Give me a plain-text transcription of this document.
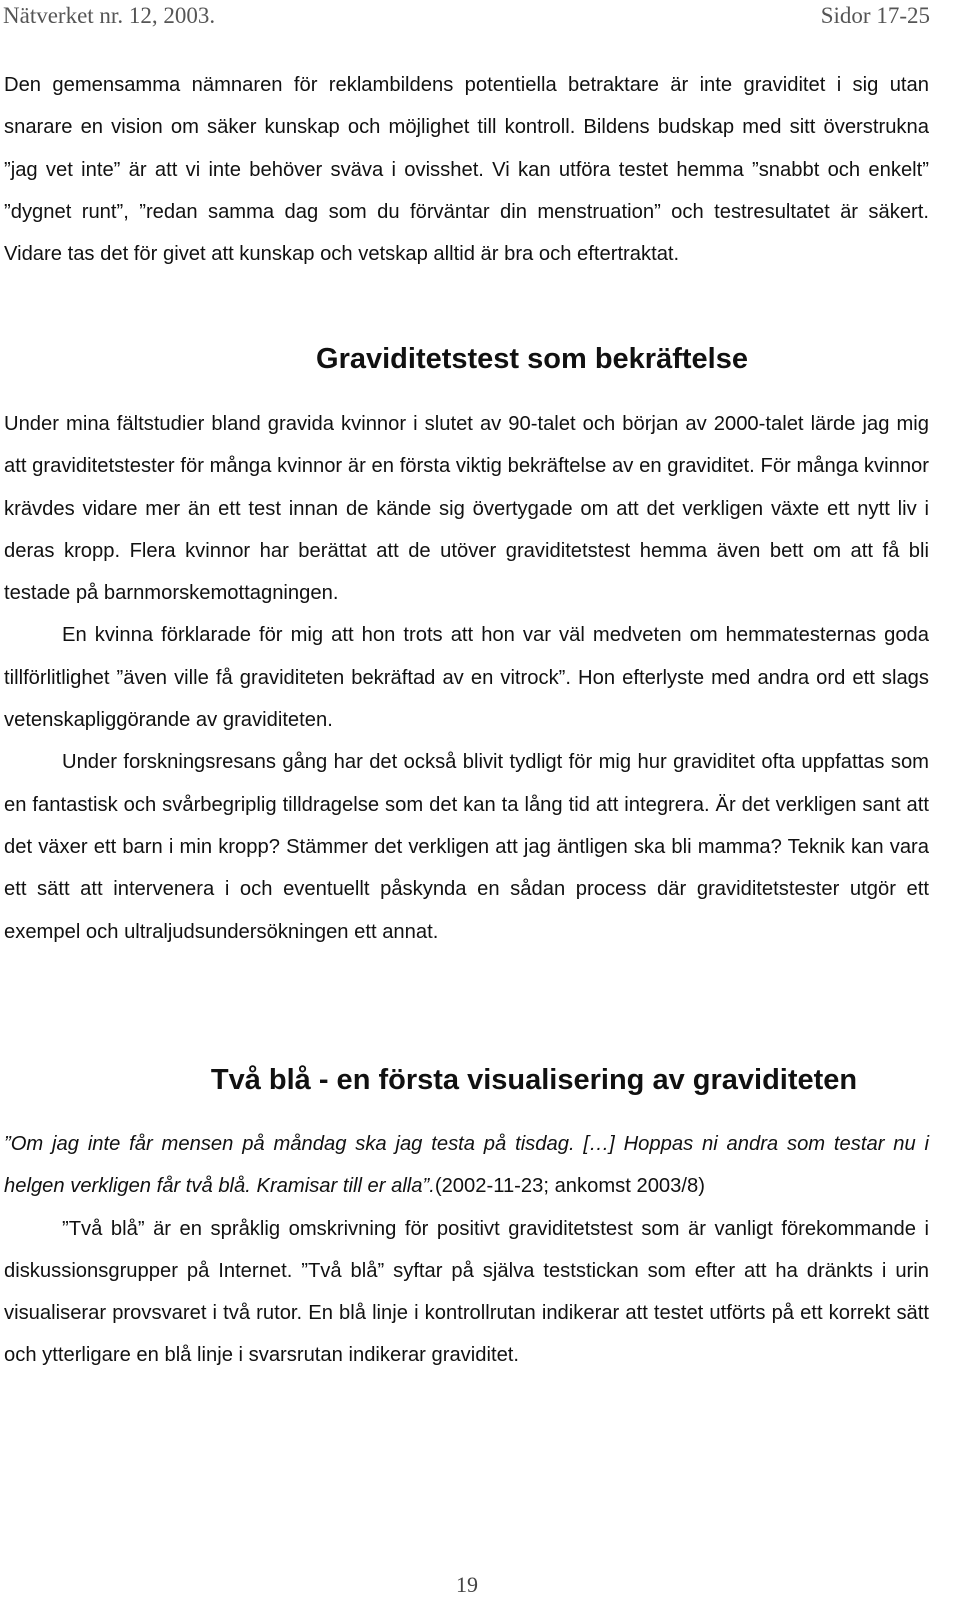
Nätverket nr. 12, 2003.	Sidor 17-25

Den gemensamma nämnaren för reklambildens potentiella betraktare är inte graviditet i sig utan snarare en vision om säker kunskap och möjlighet till kontroll. Bildens budskap med sitt överstrukna ”jag vet inte” är att vi inte behöver sväva i ovisshet. Vi kan utföra testet hemma ”snabbt och enkelt” ”dygnet runt”, ”redan samma dag som du förväntar din menstruation” och testresultatet är säkert. Vidare tas det för givet att kunskap och vetskap alltid är bra och eftertraktat.

Graviditetstest som bekräftelse

Under mina fältstudier bland gravida kvinnor i slutet av 90-talet och början av 2000-talet lärde jag mig att graviditetstester för många kvinnor är en första viktig bekräftelse av en graviditet. För många kvinnor krävdes vidare mer än ett test innan de kände sig övertygade om att det verkligen växte ett nytt liv i deras kropp. Flera kvinnor har berättat att de utöver graviditetstest hemma även bett om att få bli testade på barnmorskemottagningen.

En kvinna förklarade för mig att hon trots att hon var väl medveten om hemmatesternas goda tillförlitlighet ”även ville få graviditeten bekräftad av en vitrock”. Hon efterlyste med andra ord ett slags vetenskapliggörande av graviditeten.

Under forskningsresans gång har det också blivit tydligt för mig hur graviditet ofta uppfattas som en fantastisk och svårbegriplig tilldragelse som det kan ta lång tid att integrera. Är det verkligen sant att det växer ett barn i min kropp? Stämmer det verkligen att jag äntligen ska bli mamma? Teknik kan vara ett sätt att intervenera i och eventuellt påskynda en sådan process där graviditetstester utgör ett exempel och ultraljudsundersökningen ett annat.

Två blå - en första visualisering av graviditeten

”Om jag inte får mensen på måndag ska jag testa på tisdag. […] Hoppas ni andra som testar nu i helgen verkligen får två blå. Kramisar till er alla”.(2002-11-23; ankomst 2003/8)

”Två blå” är en språklig omskrivning för positivt graviditetstest som är vanligt förekommande i diskussionsgrupper på Internet. ”Två blå” syftar på själva teststickan som efter att ha dränkts i urin visualiserar provsvaret i två rutor. En blå linje i kontrollrutan indikerar att testet utförts på ett korrekt sätt och ytterligare en blå linje i svarsrutan indikerar graviditet.

19
